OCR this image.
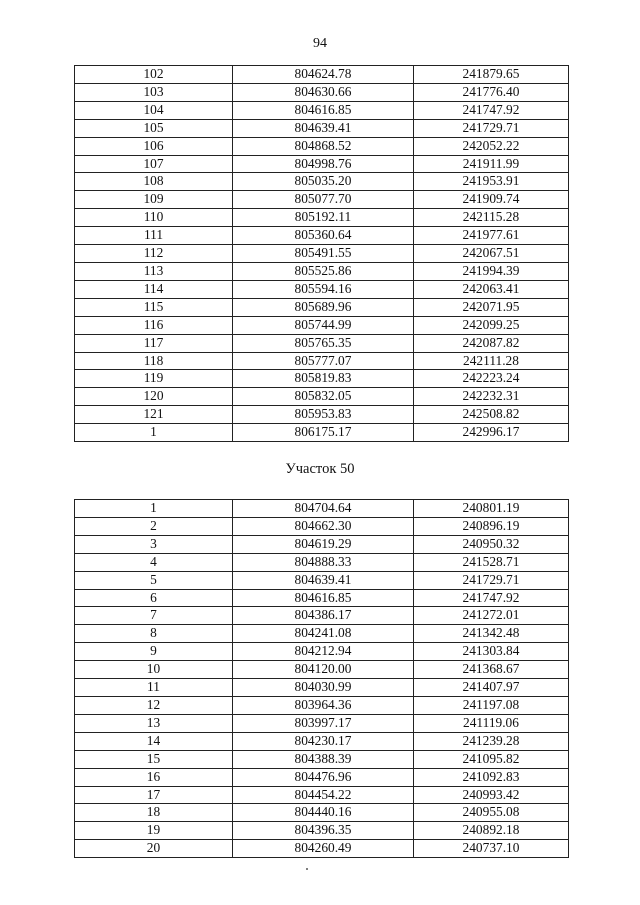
94
102	804624.78	241879.65
103	804630.66	241776.40
104	804616.85	241747.92
105	804639.41	241729.71
106	804868.52	242052.22
107	804998.76	241911.99
108	805035.20	241953.91
109	805077.70	241909.74
110	805192.11	242115.28
111	805360.64	241977.61
112	805491.55	242067.51
113	805525.86	241994.39
114	805594.16	242063.41
115	805689.96	242071.95
116	805744.99	242099.25
117	805765.35	242087.82
118	805777.07	242111.28
119	805819.83	242223.24
120	805832.05	242232.31
121	805953.83	242508.82
1	806175.17	242996.17
Участок 50
1	804704.64	240801.19
2	804662.30	240896.19
3	804619.29	240950.32
4	804888.33	241528.71
5	804639.41	241729.71
6	804616.85	241747.92
7	804386.17	241272.01
8	804241.08	241342.48
9	804212.94	241303.84
10	804120.00	241368.67
11	804030.99	241407.97
12	803964.36	241197.08
13	803997.17	241119.06
14	804230.17	241239.28
15	804388.39	241095.82
16	804476.96	241092.83
17	804454.22	240993.42
18	804440.16	240955.08
19	804396.35	240892.18
20	804260.49	240737.10
